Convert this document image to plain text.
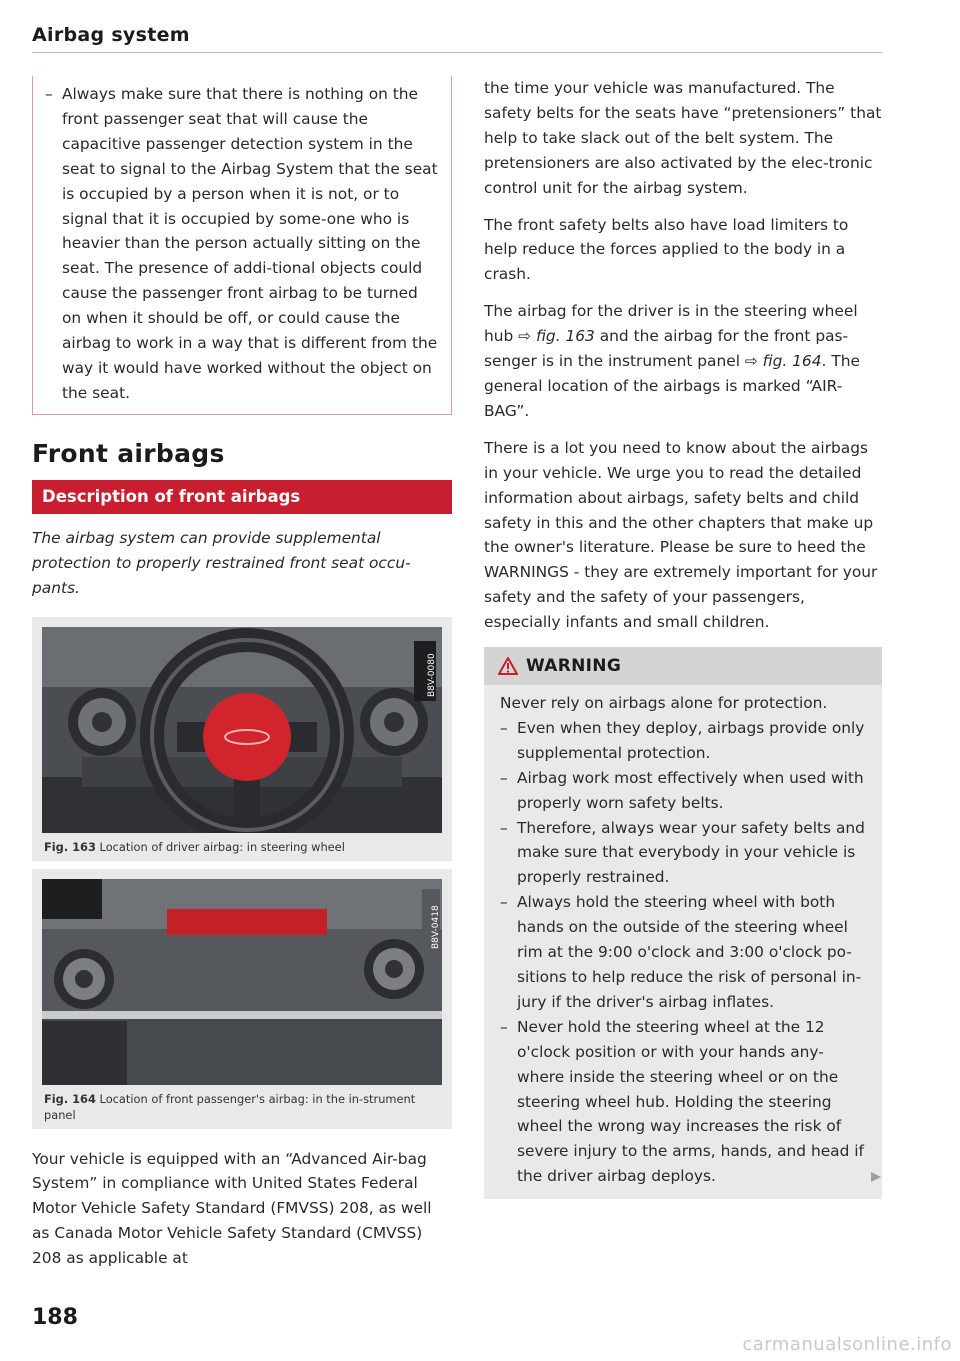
Airbag system
– Always make sure that there is nothing on the front passenger seat that will cause the capacitive passenger detection system in the seat to signal to the Airbag System that the seat is occupied by a person when it is not, or to signal that it is occupied by some-one who is heavier than the person actually sitting on the seat. The presence of addi-tional objects could cause the passenger front airbag to be turned on when it should be off, or could cause the airbag to work in a way that is different from the way it would have worked without the object on the seat.
Front airbags
Description of front airbags

The airbag system can provide supplemental protection to properly restrained front seat occu-pants.

B8V-0080
Fig. 163 Location of driver airbag: in steering wheel
B8V-0418
Fig. 164 Location of front passenger's airbag: in the in-strument panel

Your vehicle is equipped with an “Advanced Air-bag System” in compliance with United States Federal Motor Vehicle Safety Standard (FMVSS) 208, as well as Canada Motor Vehicle Safety Standard (CMVSS) 208 as applicable at

the time your vehicle was manufactured. The safety belts for the seats have “pretensioners” that help to take slack out of the belt system. The pretensioners are also activated by the elec-tronic control unit for the airbag system.

The front safety belts also have load limiters to help reduce the forces applied to the body in a crash.

The airbag for the driver is in the steering wheel hub ⇨ fig. 163 and the airbag for the front pas-senger is in the instrument panel ⇨ fig. 164. The general location of the airbags is marked “AIR-BAG”.

There is a lot you need to know about the airbags in your vehicle. We urge you to read the detailed information about airbags, safety belts and child safety in this and the other chapters that make up the owner's literature. Please be sure to heed the WARNINGS - they are extremely important for your safety and the safety of your passengers, especially infants and small children.

WARNING
Never rely on airbags alone for protection.
– Even when they deploy, airbags provide only supplemental protection.
– Airbag work most effectively when used with properly worn safety belts.
– Therefore, always wear your safety belts and make sure that everybody in your vehicle is properly restrained.
– Always hold the steering wheel with both hands on the outside of the steering wheel rim at the 9:00 o'clock and 3:00 o'clock po-sitions to help reduce the risk of personal in-jury if the driver's airbag inflates.
– Never hold the steering wheel at the 12 o'clock position or with your hands any-where inside the steering wheel or on the steering wheel hub. Holding the steering wheel the wrong way increases the risk of severe injury to the arms, hands, and head if the driver airbag deploys.
188
carmanualsonline.info
